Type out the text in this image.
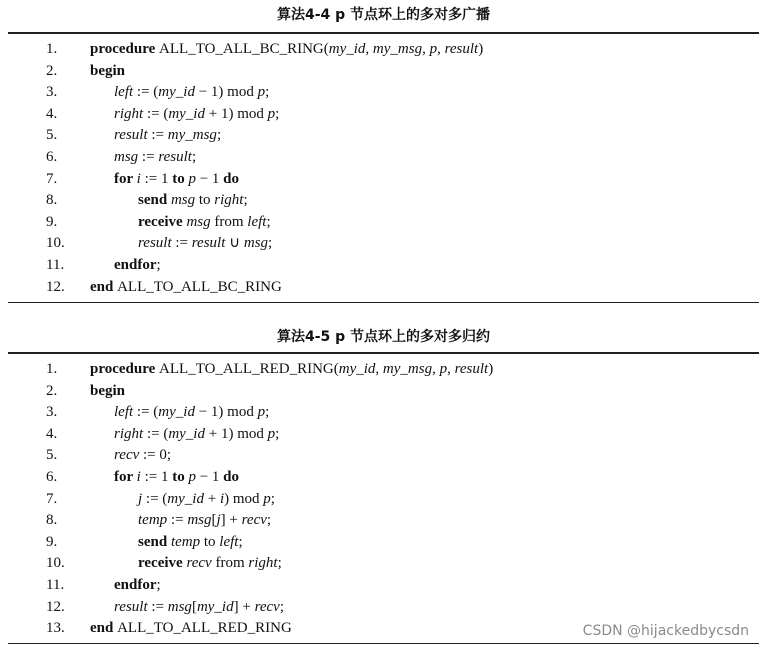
算法4-4 p 节点环上的多对多广播
1.	procedure ALL_TO_ALL_BC_RING(my_id, my_msg, p, result)
2.	begin
3.	left := (my_id − 1) mod p;
4.	right := (my_id + 1) mod p;
5.	result := my_msg;
6.	msg := result;
7.	for i := 1 to p − 1 do
8.	send msg to right;
9.	receive msg from left;
10.	result := result ∪ msg;
11.	endfor;
12.	end ALL_TO_ALL_BC_RING
算法4-5 p 节点环上的多对多归约
1.	procedure ALL_TO_ALL_RED_RING(my_id, my_msg, p, result)
2.	begin
3.	left := (my_id − 1) mod p;
4.	right := (my_id + 1) mod p;
5.	recv := 0;
6.	for i := 1 to p − 1 do
7.	j := (my_id + i) mod p;
8.	temp := msg[j] + recv;
9.	send temp to left;
10.	receive recv from right;
11.	endfor;
12.	result := msg[my_id] + recv;
13.	end ALL_TO_ALL_RED_RING	CSDN @hijackedbycsdn
